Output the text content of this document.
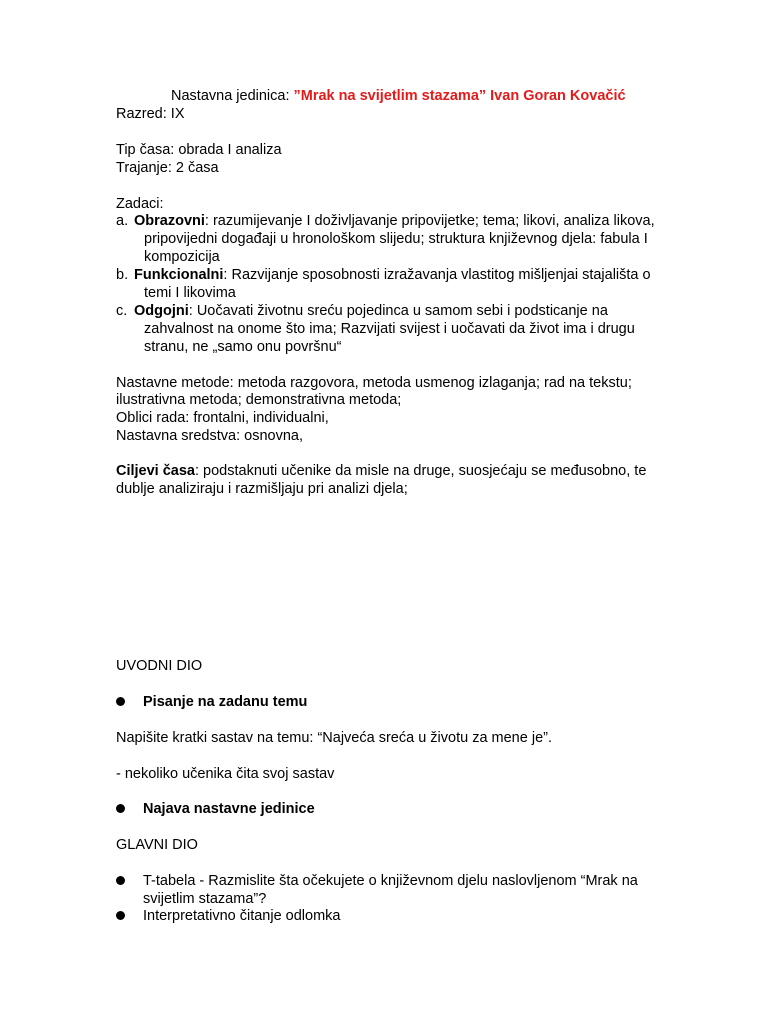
Nastavna jedinica: ”Mrak na svijetlim stazama” Ivan Goran Kovačić
Razred: IX
Tip časa: obrada I analiza
Trajanje: 2 časa
Zadaci:
a. Obrazovni: razumijevanje I doživljavanje pripovijetke; tema; likovi, analiza likova,
pripovijedni događaji u hronološkom slijedu; struktura književnog djela: fabula I
kompozicija
b. Funkcionalni: Razvijanje sposobnosti izražavanja vlastitog mišljenjai stajališta o
temi I likovima
c. Odgojni: Uočavati životnu sreću pojedinca u samom sebi i podsticanje na
zahvalnost na onome što ima; Razvijati svijest i uočavati da život ima i drugu
stranu, ne „samo onu površnu“
Nastavne metode: metoda razgovora, metoda usmenog izlaganja; rad na tekstu;
ilustrativna metoda; demonstrativna metoda;
Oblici rada: frontalni, individualni,
Nastavna sredstva: osnovna,
Ciljevi časa: podstaknuti učenike da misle na druge, suosjećaju se međusobno, te
dublje analiziraju i razmišljaju pri analizi djela;
UVODNI DIO
Pisanje na zadanu temu
Napišite kratki sastav na temu: “Najveća sreća u životu za mene je”.
- nekoliko učenika čita svoj sastav
Najava nastavne jedinice
GLAVNI DIO
T-tabela - Razmislite šta očekujete o književnom djelu naslovljenom “Mrak na
svijetlim stazama”?
Interpretativno čitanje odlomka
